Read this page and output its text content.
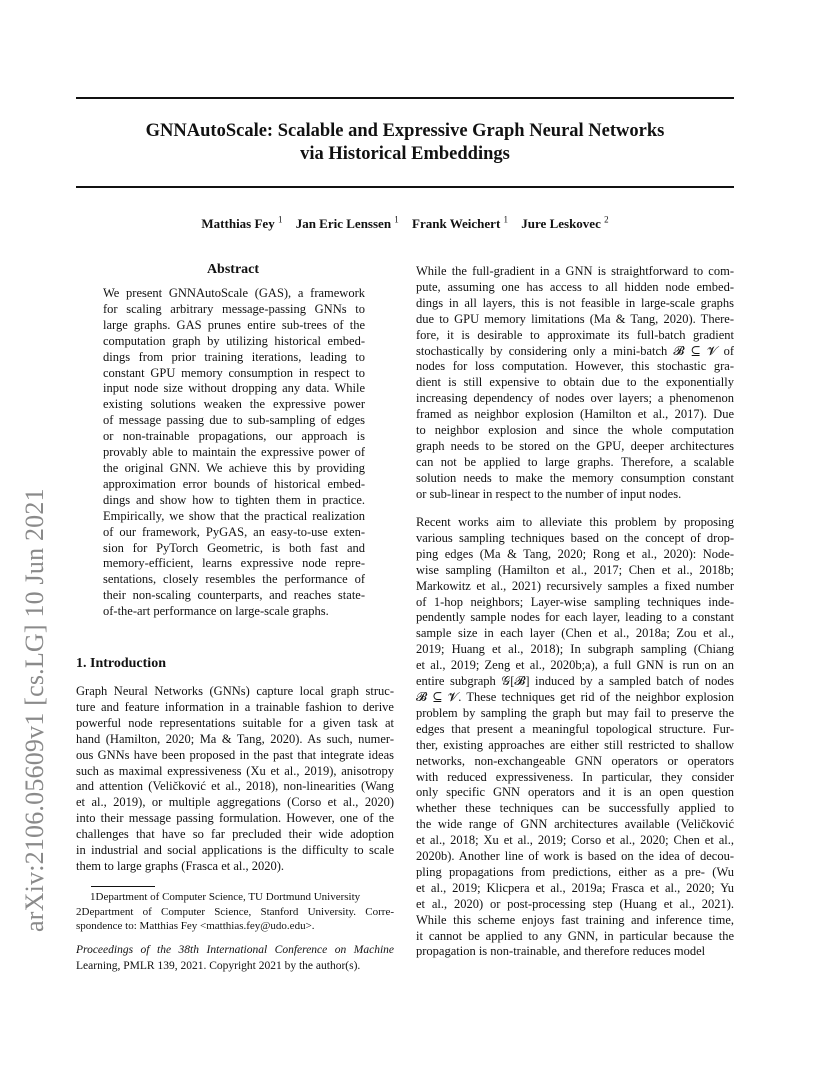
GNNAutoScale: Scalable and Expressive Graph Neural Networks
via Historical Embeddings
Matthias Fey $^1$ Jan Eric Lenssen $^1$ Frank Weichert $^1$ Jure Leskovec $^2$
arXiv:2106.05609v1 [cs.LG] 10 Jun 2021
Abstract
We present GNNAutoScale (GAS), a framework
for scaling arbitrary message-passing GNNs to
large graphs. GAS prunes entire sub-trees of the
computation graph by utilizing historical embed-
dings from prior training iterations, leading to
constant GPU memory consumption in respect to
input node size without dropping any data. While
existing solutions weaken the expressive power
of message passing due to sub-sampling of edges
or non-trainable propagations, our approach is
provably able to maintain the expressive power of
the original GNN. We achieve this by providing
approximation error bounds of historical embed-
dings and show how to tighten them in practice.
Empirically, we show that the practical realization
of our framework, PyGAS, an easy-to-use exten-
sion for PyTorch Geometric, is both fast and
memory-efficient, learns expressive node repre-
sentations, closely resembles the performance of
their non-scaling counterparts, and reaches state-
of-the-art performance on large-scale graphs.
1. Introduction
Graph Neural Networks (GNNs) capture local graph struc-
ture and feature information in a trainable fashion to derive
powerful node representations suitable for a given task at
hand (Hamilton, 2020; Ma & Tang, 2020). As such, numer-
ous GNNs have been proposed in the past that integrate ideas
such as maximal expressiveness (Xu et al., 2019), anisotropy
and attention (Veličković et al., 2018), non-linearities (Wang
et al., 2019), or multiple aggregations (Corso et al., 2020)
into their message passing formulation. However, one of the
challenges that have so far precluded their wide adoption
in industrial and social applications is the difficulty to scale
them to large graphs (Frasca et al., 2020).
1Department of Computer Science, TU Dortmund University
2Department of Computer Science, Stanford University. Corre-
spondence to: Matthias Fey <matthias.fey@udo.edu>.
Proceedings of the 38th International Conference on Machine
Learning, PMLR 139, 2021. Copyright 2021 by the author(s).
While the full-gradient in a GNN is straightforward to com-
pute, assuming one has access to all hidden node embed-
dings in all layers, this is not feasible in large-scale graphs
due to GPU memory limitations (Ma & Tang, 2020). There-
fore, it is desirable to approximate its full-batch gradient
stochastically by considering only a mini-batch 𝓑 ⊆ 𝓥 of
nodes for loss computation. However, this stochastic gra-
dient is still expensive to obtain due to the exponentially
increasing dependency of nodes over layers; a phenomenon
framed as neighbor explosion (Hamilton et al., 2017). Due
to neighbor explosion and since the whole computation
graph needs to be stored on the GPU, deeper architectures
can not be applied to large graphs. Therefore, a scalable
solution needs to make the memory consumption constant
or sub-linear in respect to the number of input nodes.
Recent works aim to alleviate this problem by proposing
various sampling techniques based on the concept of drop-
ping edges (Ma & Tang, 2020; Rong et al., 2020): Node-
wise sampling (Hamilton et al., 2017; Chen et al., 2018b;
Markowitz et al., 2021) recursively samples a fixed number
of 1-hop neighbors; Layer-wise sampling techniques inde-
pendently sample nodes for each layer, leading to a constant
sample size in each layer (Chen et al., 2018a; Zou et al.,
2019; Huang et al., 2018); In subgraph sampling (Chiang
et al., 2019; Zeng et al., 2020b;a), a full GNN is run on an
entire subgraph 𝒢[𝓑] induced by a sampled batch of nodes
𝓑 ⊆ 𝓥. These techniques get rid of the neighbor explosion
problem by sampling the graph but may fail to preserve the
edges that present a meaningful topological structure. Fur-
ther, existing approaches are either still restricted to shallow
networks, non-exchangeable GNN operators or operators
with reduced expressiveness. In particular, they consider
only specific GNN operators and it is an open question
whether these techniques can be successfully applied to
the wide range of GNN architectures available (Veličković
et al., 2018; Xu et al., 2019; Corso et al., 2020; Chen et al.,
2020b). Another line of work is based on the idea of decou-
pling propagations from predictions, either as a pre- (Wu
et al., 2019; Klicpera et al., 2019a; Frasca et al., 2020; Yu
et al., 2020) or post-processing step (Huang et al., 2021).
While this scheme enjoys fast training and inference time,
it cannot be applied to any GNN, in particular because the
propagation is non-trainable, and therefore reduces model
